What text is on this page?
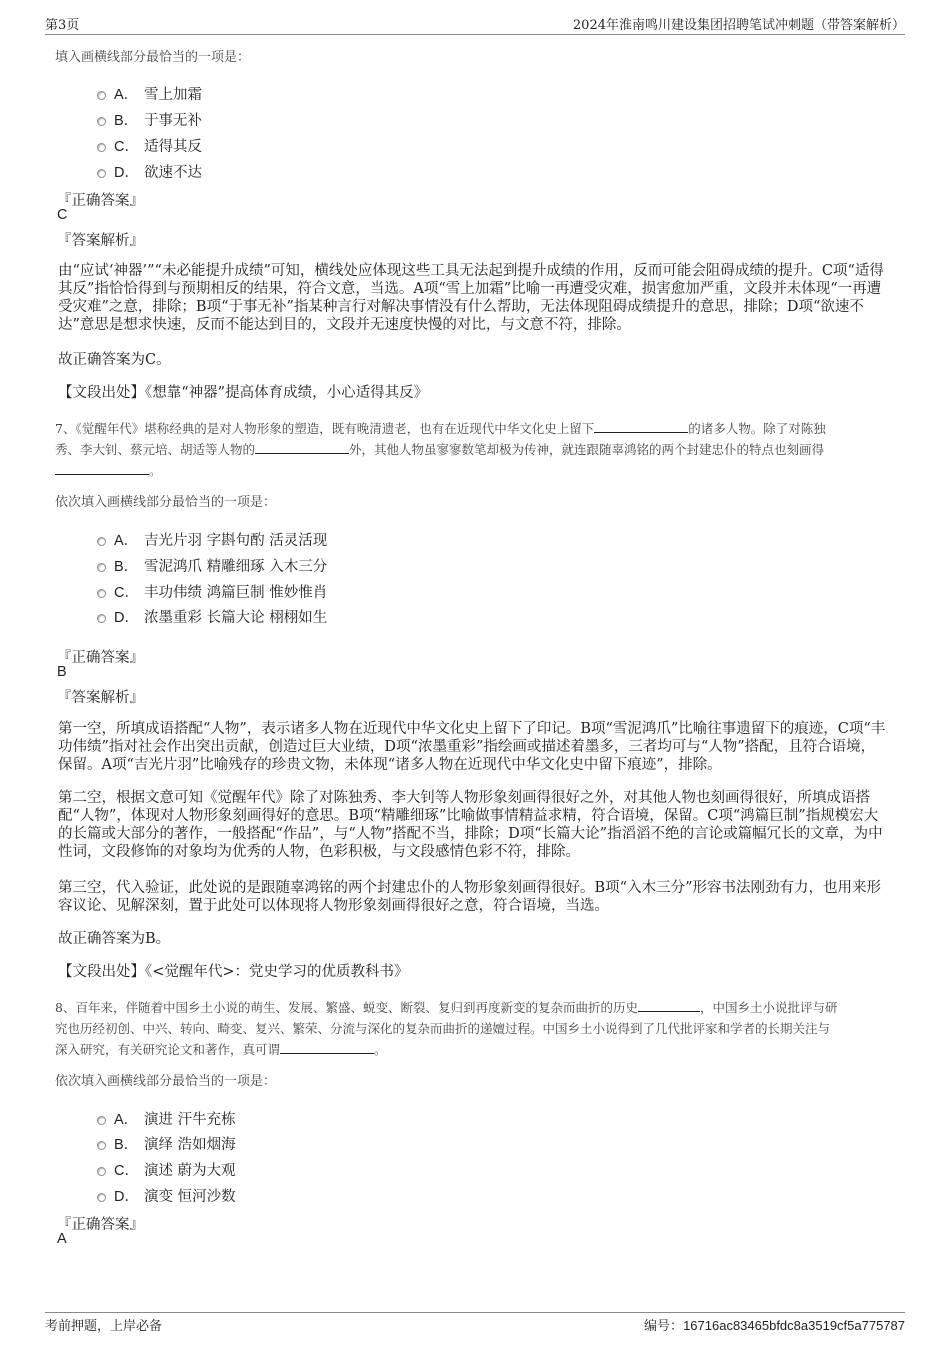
第3页	2024年淮南鸣川建设集团招聘笔试冲刺题（带答案解析）
填入画横线部分最恰当的一项是：
A． 雪上加霜
B． 于事无补
C． 适得其反
D． 欲速不达
『正确答案』
C
『答案解析』
由“应试‘神器’”“未必能提升成绩”可知，横线处应体现这些工具无法起到提升成绩的作用，反而可能会阻碍成绩的提升。C项“适得其反”指恰恰得到与预期相反的结果，符合文意，当选。A项“雪上加霜”比喻一再遭受灾难，损害愈加严重，文段并未体现“一再遭受灾难”之意，排除；B项“于事无补”指某种言行对解决事情没有什么帮助，无法体现阻碍成绩提升的意思，排除；D项“欲速不达”意思是想求快速，反而不能达到目的，文段并无速度快慢的对比，与文意不符，排除。
故正确答案为C。
【文段出处】《想靠“神器”提高体育成绩，小心适得其反》
7、《觉醒年代》堪称经典的是对人物形象的塑造，既有晚清遗老，也有在近现代中华文化史上留下	的诸多人物。除了对陈独
秀、李大钊、蔡元培、胡适等人物的	外，其他人物虽寥寥数笔却极为传神，就连跟随辜鸿铭的两个封建忠仆的特点也刻画得
。
依次填入画横线部分最恰当的一项是：
A． 吉光片羽 字斟句酌 活灵活现
B． 雪泥鸿爪 精雕细琢 入木三分
C． 丰功伟绩 鸿篇巨制 惟妙惟肖
D． 浓墨重彩 长篇大论 栩栩如生
『正确答案』
B
『答案解析』
第一空，所填成语搭配“人物”，表示诸多人物在近现代中华文化史上留下了印记。B项“雪泥鸿爪”比喻往事遗留下的痕迹，C项“丰功伟绩”指对社会作出突出贡献，创造过巨大业绩，D项“浓墨重彩”指绘画或描述着墨多，三者均可与“人物”搭配，且符合语境，保留。A项“吉光片羽”比喻残存的珍贵文物，未体现“诸多人物在近现代中华文化史中留下痕迹”，排除。
第二空，根据文意可知《觉醒年代》除了对陈独秀、李大钊等人物形象刻画得很好之外，对其他人物也刻画得很好，所填成语搭配“人物”，体现对人物形象刻画得好的意思。B项“精雕细琢”比喻做事情精益求精，符合语境，保留。C项“鸿篇巨制”指规模宏大的长篇或大部分的著作，一般搭配“作品”，与“人物”搭配不当，排除；D项“长篇大论”指滔滔不绝的言论或篇幅冗长的文章，为中性词，文段修饰的对象均为优秀的人物，色彩积极，与文段感情色彩不符，排除。
第三空，代入验证，此处说的是跟随辜鸿铭的两个封建忠仆的人物形象刻画得很好。B项“入木三分”形容书法刚劲有力，也用来形容议论、见解深刻，置于此处可以体现将人物形象刻画得很好之意，符合语境，当选。
故正确答案为B。
【文段出处】《<觉醒年代>：党史学习的优质教科书》
8、百年来，伴随着中国乡土小说的萌生、发展、繁盛、蜕变、断裂、复归到再度新变的复杂而曲折的历史	，中国乡土小说批评与研
究也历经初创、中兴、转向、畸变、复兴、繁荣、分流与深化的复杂而曲折的递嬗过程。中国乡土小说得到了几代批评家和学者的长期关注与
深入研究，有关研究论文和著作，真可谓	。
依次填入画横线部分最恰当的一项是：
A． 演进 汗牛充栋
B． 演绎 浩如烟海
C． 演述 蔚为大观
D． 演变 恒河沙数
『正确答案』
A
考前押题，上岸必备	编号：16716ac83465bfdc8a3519cf5a775787
